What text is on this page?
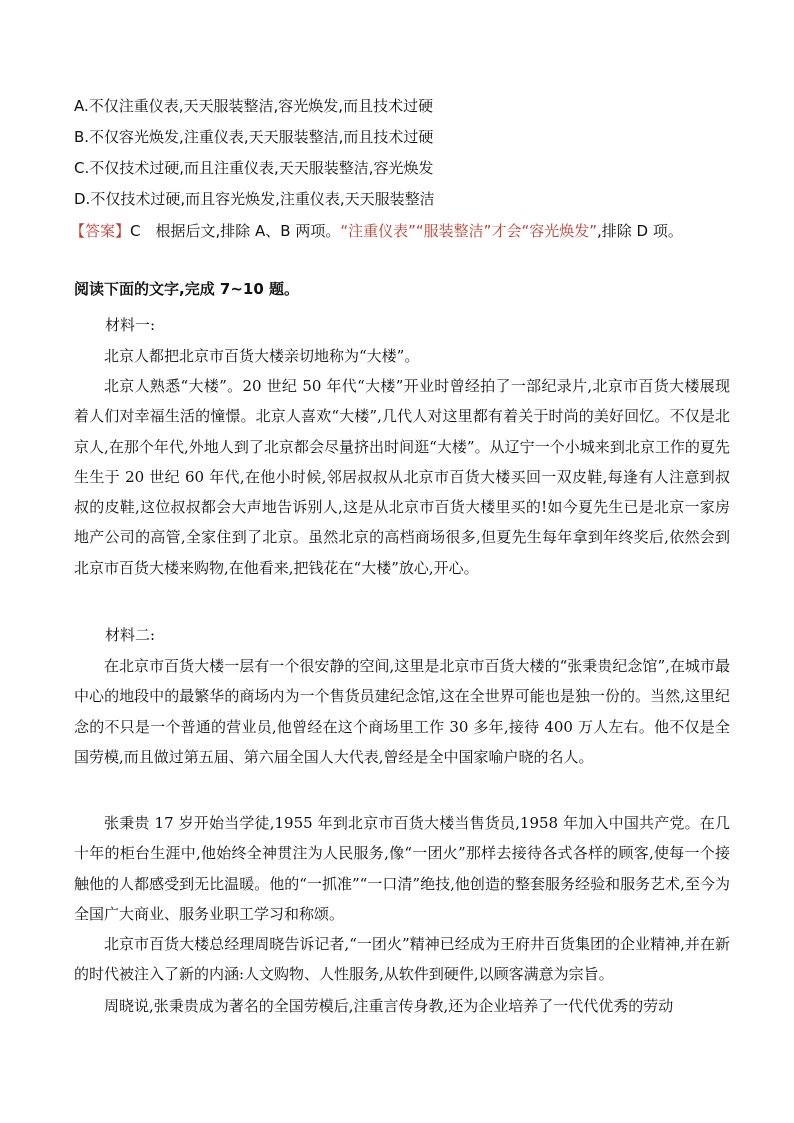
A.不仅注重仪表,天天服装整洁,容光焕发,而且技术过硬
B.不仅容光焕发,注重仪表,天天服装整洁,而且技术过硬
C.不仅技术过硬,而且注重仪表,天天服装整洁,容光焕发
D.不仅技术过硬,而且容光焕发,注重仪表,天天服装整洁
【答案】C　根据后文,排除 A、B 两项。“注重仪表”“服装整洁”才会“容光焕发”,排除 D 项。
阅读下面的文字,完成 7~10 题。
材料一:

北京人都把北京市百货大楼亲切地称为“大楼”。

北京人熟悉“大楼”。20 世纪 50 年代“大楼”开业时曾经拍了一部纪录片,北京市百货大楼展现着人们对幸福生活的憧憬。北京人喜欢“大楼”,几代人对这里都有着关于时尚的美好回忆。不仅是北京人,在那个年代,外地人到了北京都会尽量挤出时间逛“大楼”。从辽宁一个小城来到北京工作的夏先生生于 20 世纪 60 年代,在他小时候,邻居叔叔从北京市百货大楼买回一双皮鞋,每逢有人注意到叔叔的皮鞋,这位叔叔都会大声地告诉别人,这是从北京市百货大楼里买的!如今夏先生已是北京一家房地产公司的高管,全家住到了北京。虽然北京的高档商场很多,但夏先生每年拿到年终奖后,依然会到北京市百货大楼来购物,在他看来,把钱花在“大楼”放心,开心。

材料二:

在北京市百货大楼一层有一个很安静的空间,这里是北京市百货大楼的“张秉贵纪念馆”,在城市最中心的地段中的最繁华的商场内为一个售货员建纪念馆,这在全世界可能也是独一份的。当然,这里纪念的不只是一个普通的营业员,他曾经在这个商场里工作 30 多年,接待 400 万人左右。他不仅是全国劳模,而且做过第五届、第六届全国人大代表,曾经是全中国家喻户晓的名人。

张秉贵 17 岁开始当学徒,1955 年到北京市百货大楼当售货员,1958 年加入中国共产党。在几十年的柜台生涯中,他始终全神贯注为人民服务,像“一团火”那样去接待各式各样的顾客,使每一个接触他的人都感受到无比温暖。他的“一抓准”“一口清”绝技,他创造的整套服务经验和服务艺术,至今为全国广大商业、服务业职工学习和称颂。

北京市百货大楼总经理周晓告诉记者,“一团火”精神已经成为王府井百货集团的企业精神,并在新的时代被注入了新的内涵:人文购物、人性服务,从软件到硬件,以顾客满意为宗旨。

周晓说,张秉贵成为著名的全国劳模后,注重言传身教,还为企业培养了一代代优秀的劳动
